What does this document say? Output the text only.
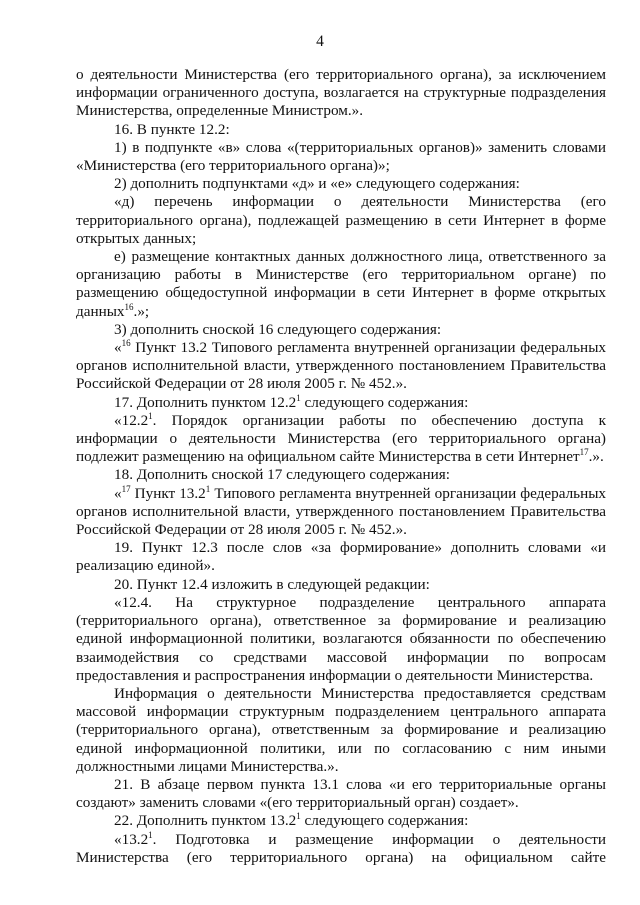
4

о деятельности Министерства (его территориального органа), за исключением информации ограниченного доступа, возлагается на структурные подразделения Министерства, определенные Министром.».

16. В пункте 12.2:

1) в подпункте «в» слова «(территориальных органов)» заменить словами «Министерства (его территориального органа)»;

2) дополнить подпунктами «д» и «е» следующего содержания:

«д) перечень информации о деятельности Министерства (его территориального органа), подлежащей размещению в сети Интернет в форме открытых данных;

е) размещение контактных данных должностного лица, ответственного за организацию работы в Министерстве (его территориальном органе) по размещению общедоступной информации в сети Интернет в форме открытых данных$^{16}$.»;

3) дополнить сноской 16 следующего содержания:

«$^{16}$ Пункт 13.2 Типового регламента внутренней организации федеральных органов исполнительной власти, утвержденного постановлением Правительства Российской Федерации от 28 июля 2005 г. № 452.».

17. Дополнить пунктом 12.2$^1$ следующего содержания:

«12.2$^1$. Порядок организации работы по обеспечению доступа к информации о деятельности Министерства (его территориального органа) подлежит размещению на официальном сайте Министерства в сети Интернет$^{17}$.».

18. Дополнить сноской 17 следующего содержания:

«$^{17}$ Пункт 13.2$^1$ Типового регламента внутренней организации федеральных органов исполнительной власти, утвержденного постановлением Правительства Российской Федерации от 28 июля 2005 г. № 452.».

19. Пункт 12.3 после слов «за формирование» дополнить словами «и реализацию единой».

20. Пункт 12.4 изложить в следующей редакции:

«12.4. На структурное подразделение центрального аппарата (территориального органа), ответственное за формирование и реализацию единой информационной политики, возлагаются обязанности по обеспечению взаимодействия со средствами массовой информации по вопросам предоставления и распространения информации о деятельности Министерства.

Информация о деятельности Министерства предоставляется средствам массовой информации структурным подразделением центрального аппарата (территориального органа), ответственным за формирование и реализацию единой информационной политики, или по согласованию с ним иными должностными лицами Министерства.».

21. В абзаце первом пункта 13.1 слова «и его территориальные органы создают» заменить словами «(его территориальный орган) создает».

22. Дополнить пунктом 13.2$^1$ следующего содержания:

«13.2$^1$. Подготовка и размещение информации о деятельности Министерства (его территориального органа) на официальном сайте
